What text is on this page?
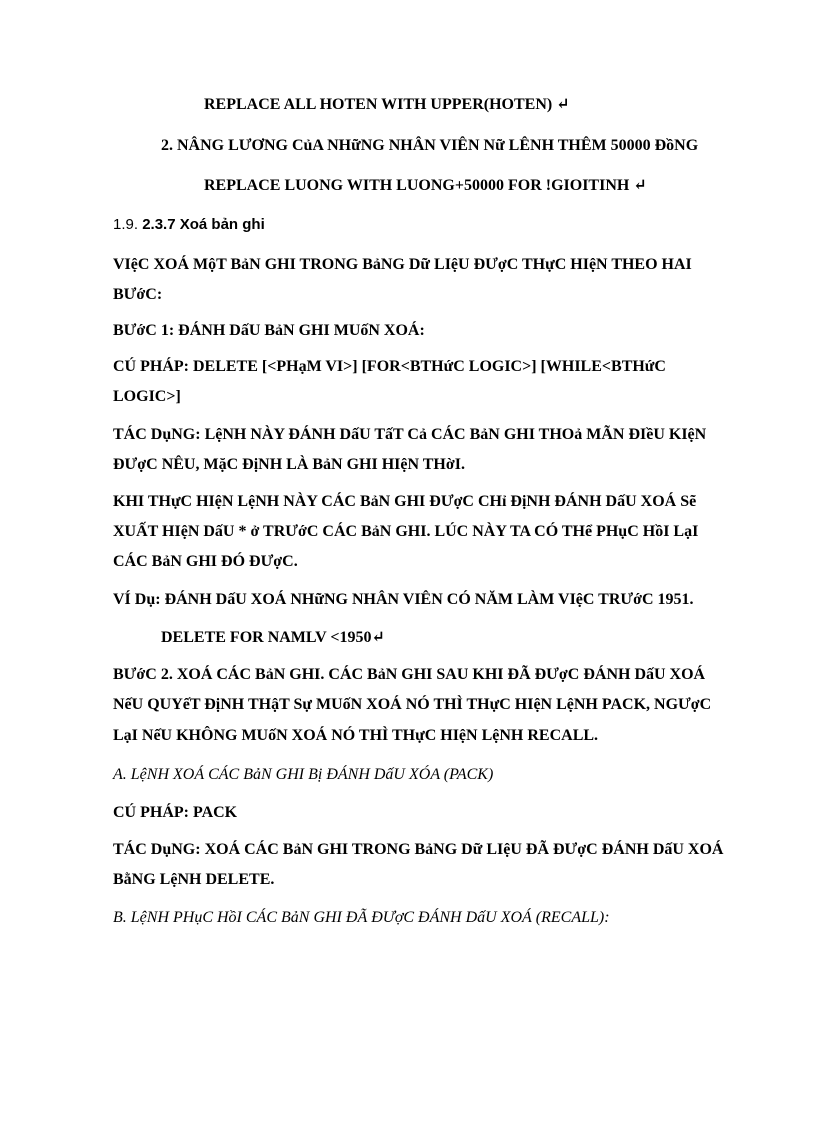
REPLACE ALL HOTEN WITH UPPER(HOTEN) ↵
2. NÂNG LƯƠNG CủA NHữNG NHÂN VIÊN Nữ LÊNH THÊM 50000 ĐồNG
REPLACE LUONG WITH LUONG+50000 FOR !GIOITINH ↵
1.9. 2.3.7 Xoá bản ghi
VIệC XOÁ MộT BảN GHI TRONG BảNG Dữ LIệU ĐƯợC THựC HIệN THEO HAI
BƯớC:
BƯớC 1: ĐÁNH DấU BảN GHI MUốN XOÁ:
CÚ PHÁP: DELETE [<PHạM VI>] [FOR<BTHứC LOGIC>] [WHILE<BTHứC
LOGIC>]
TÁC DụNG: LệNH NÀY ĐÁNH DấU TấT Cả CÁC BảN GHI THOả MÃN ĐIềU KIệN
ĐƯợC NÊU, MặC ĐịNH LÀ BảN GHI HIệN THờI.
KHI THựC HIệN LệNH NÀY CÁC BảN GHI ĐƯợC CHỉ ĐịNH ĐÁNH DấU XOÁ Sẽ
XUẤT HIệN DấU * ở TRƯớC CÁC BảN GHI. LÚC NÀY TA CÓ THể PHụC HồI LạI
CÁC BảN GHI ĐÓ ĐƯợC.
VÍ Dụ: ĐÁNH DấU XOÁ NHữNG NHÂN VIÊN CÓ NĂM LÀM VIệC TRƯớC 1951.
DELETE FOR NAMLV <1950↵
BƯớC 2. XOÁ CÁC BảN GHI. CÁC BảN GHI SAU KHI ĐÃ ĐƯợC ĐÁNH DấU XOÁ
NếU QUYếT ĐịNH THậT Sự MUốN XOÁ NÓ THÌ THựC HIệN LệNH PACK, NGƯợC
LạI NếU KHÔNG MUốN XOÁ NÓ THÌ THựC HIệN LệNH RECALL.
A. LệNH XOÁ CÁC BảN GHI Bị ĐÁNH DấU XÓA (PACK)
CÚ PHÁP: PACK
TÁC DụNG: XOÁ CÁC BảN GHI TRONG BảNG Dữ LIệU ĐÃ ĐƯợC ĐÁNH DấU XOÁ
BằNG LệNH DELETE.
B. LệNH PHụC HồI CÁC BảN GHI ĐÃ ĐƯợC ĐÁNH DấU XOÁ (RECALL):
